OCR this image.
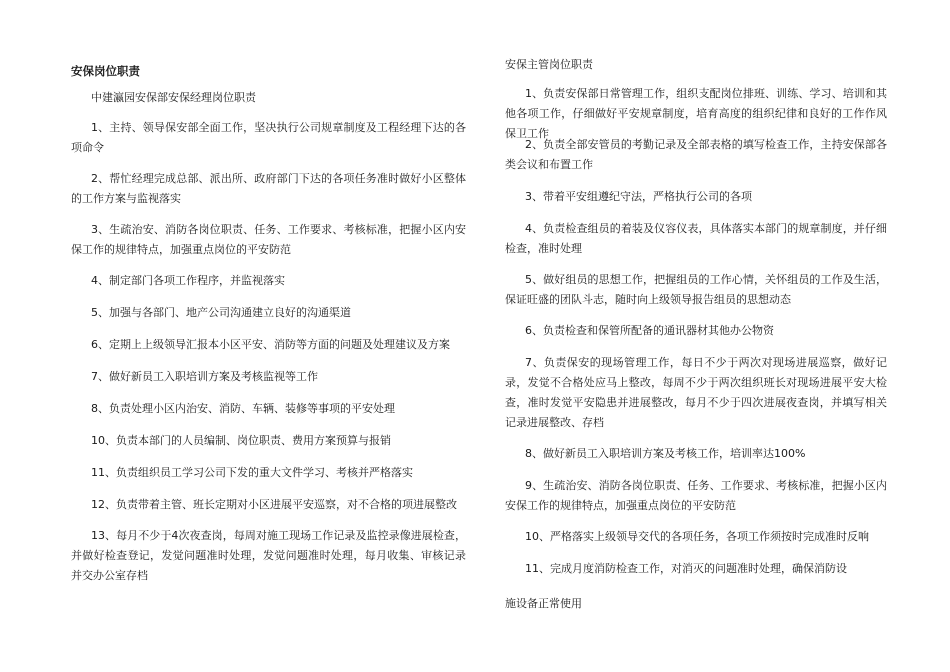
安保岗位职责
中建瀛园安保部安保经理岗位职责
1、主持、领导保安部全面工作，坚决执行公司规章制度及工程经理下达的各项命令
2、帮忙经理完成总部、派出所、政府部门下达的各项任务准时做好小区整体的工作方案与监视落实
3、生疏治安、消防各岗位职责、任务、工作要求、考核标准，把握小区内安保工作的规律特点，加强重点岗位的平安防范
4、制定部门各项工作程序，并监视落实
5、加强与各部门、地产公司沟通建立良好的沟通渠道
6、定期上上级领导汇报本小区平安、消防等方面的问题及处理建议及方案
7、做好新员工入职培训方案及考核监视等工作
8、负责处理小区内治安、消防、车辆、装修等事项的平安处理
10、负责本部门的人员编制、岗位职责、费用方案预算与报销
11、负责组织员工学习公司下发的重大文件学习、考核并严格落实
12、负责带着主管、班长定期对小区进展平安巡察，对不合格的项进展整改
13、每月不少于4次夜查岗，每周对施工现场工作记录及监控录像进展检查，并做好检查登记，发觉问题准时处理，发觉问题准时处理，每月收集、审核记录并交办公室存档
安保主管岗位职责
1、负责安保部日常管理工作，组织支配岗位排班、训练、学习、培训和其他各项工作，仔细做好平安规章制度，培育高度的组织纪律和良好的工作作风保卫工作
2、负责全部安管员的考勤记录及全部表格的填写检查工作，主持安保部各类会议和布置工作
3、带着平安组遵纪守法，严格执行公司的各项
4、负责检查组员的着装及仪容仪表，具体落实本部门的规章制度，并仔细检查，准时处理
5、做好组员的思想工作，把握组员的工作心情，关怀组员的工作及生活，保证旺盛的团队斗志，随时向上级领导报告组员的思想动态
6、负责检查和保管所配备的通讯器材其他办公物资
7、负责保安的现场管理工作，每日不少于两次对现场进展巡察，做好记录，发觉不合格处应马上整改，每周不少于两次组织班长对现场进展平安大检查，准时发觉平安隐患并进展整改，每月不少于四次进展夜查岗，并填写相关记录进展整改、存档
8、做好新员工入职培训方案及考核工作，培训率达100%
9、生疏治安、消防各岗位职责、任务、工作要求、考核标准，把握小区内安保工作的规律特点，加强重点岗位的平安防范
10、严格落实上级领导交代的各项任务，各项工作须按时完成准时反响
11、完成月度消防检查工作，对消灭的问题准时处理，确保消防设
施设备正常使用
